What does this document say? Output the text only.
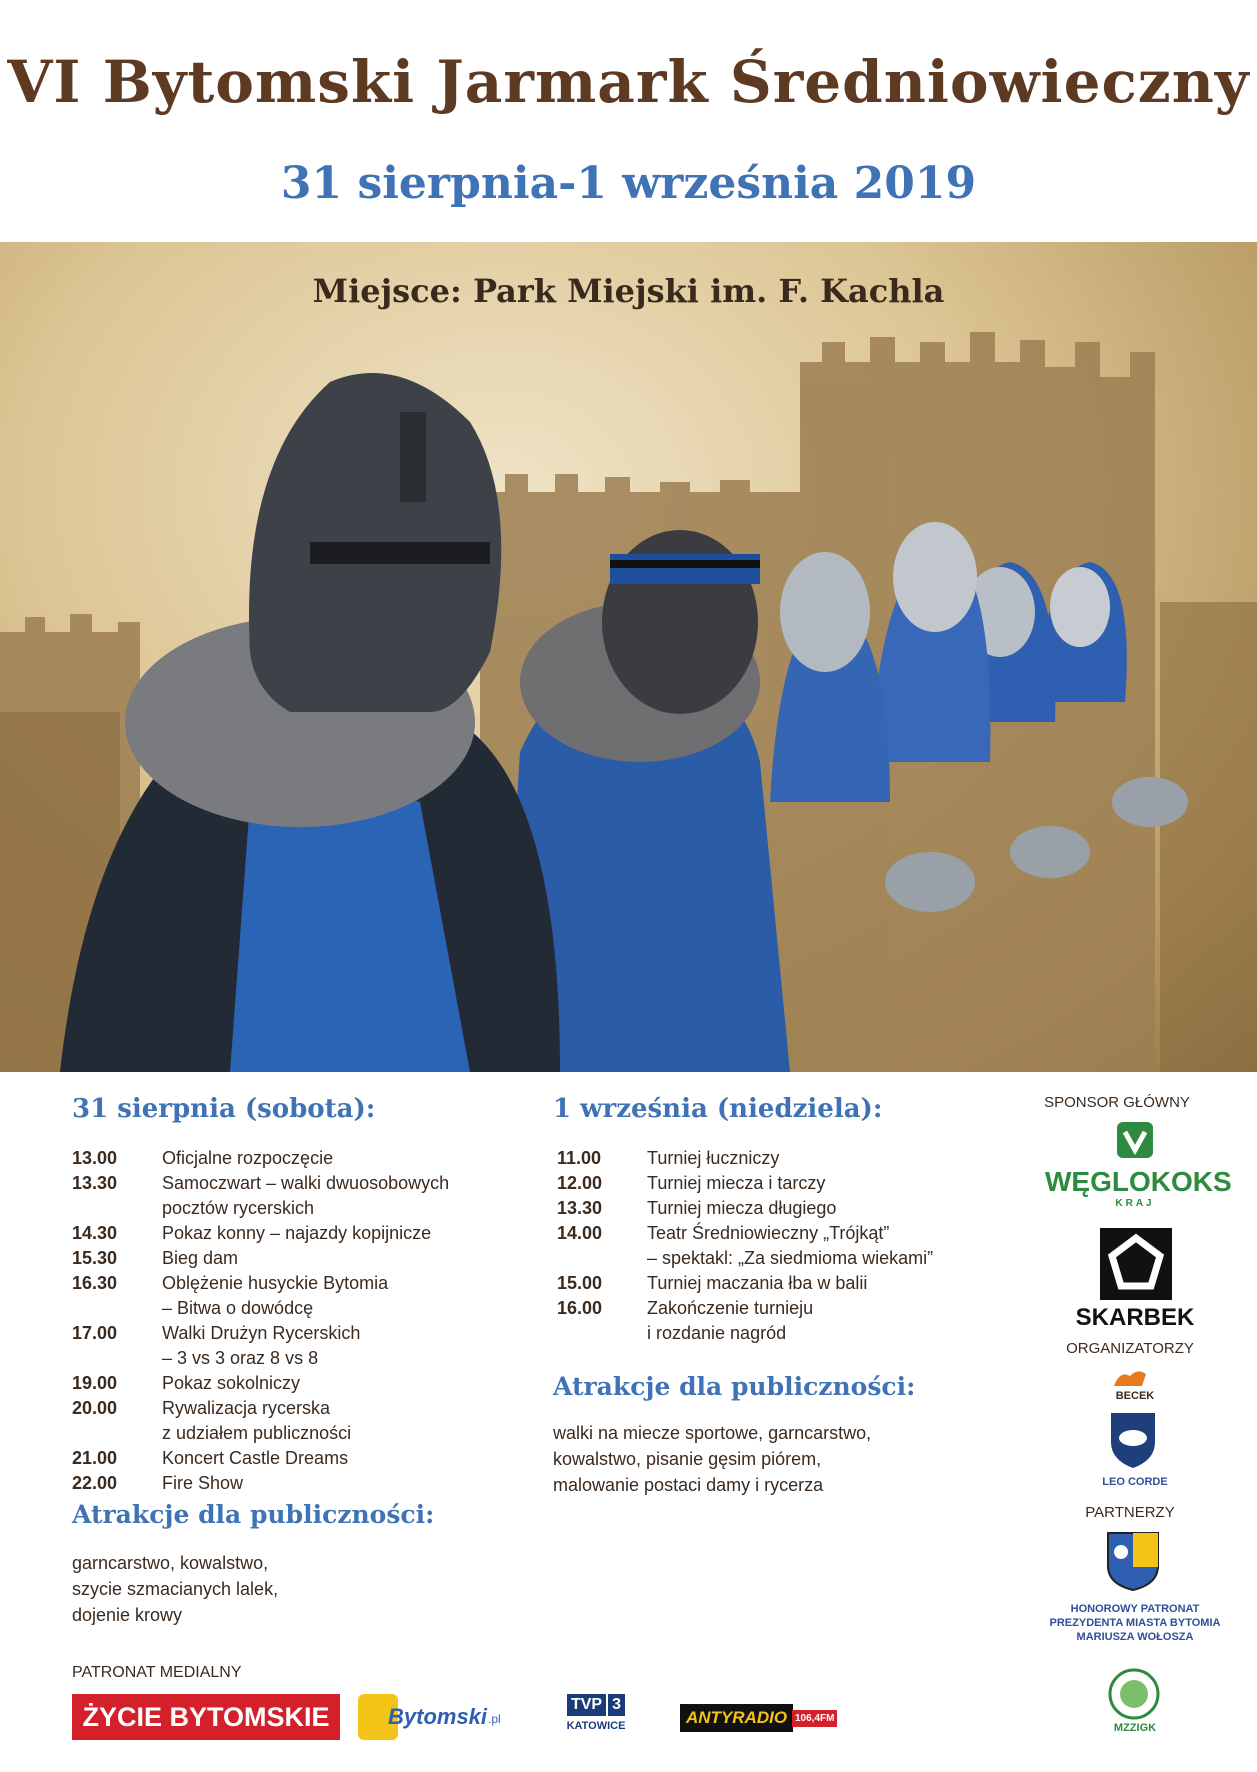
VI Bytomski Jarmark Średniowieczny
31 sierpnia-1 września 2019
Miejsce: Park Miejski im. F. Kachla
31 sierpnia (sobota):
13.00	Oficjalne rozpoczęcie
13.30	Samoczwart – walki dwuosobowych
pocztów rycerskich
14.30	Pokaz konny – najazdy kopijnicze
15.30	Bieg dam
16.30	Oblężenie husyckie Bytomia
– Bitwa o dowódcę
17.00	Walki Drużyn Rycerskich
– 3 vs 3 oraz 8 vs 8
19.00	Pokaz sokolniczy
20.00	Rywalizacja rycerska
z udziałem publiczności
21.00	Koncert Castle Dreams
22.00	Fire Show
Atrakcje dla publiczności:
garncarstwo, kowalstwo,
szycie szmacianych lalek,
dojenie krowy
1 września (niedziela):
11.00	Turniej łuczniczy
12.00	Turniej miecza i tarczy
13.30	Turniej miecza długiego
14.00	Teatr Średniowieczny „Trójkąt”
– spektakl: „Za siedmioma wiekami”
15.00	Turniej maczania łba w balii
16.00	Zakończenie turnieju
i rozdanie nagród
Atrakcje dla publiczności:
walki na miecze sportowe, garncarstwo,
kowalstwo, pisanie gęsim piórem,
malowanie postaci damy i rycerza
SPONSOR GŁÓWNY
WĘGLOKOKS
KRAJ
SKARBEK
ORGANIZATORZY
BECEK
LEO CORDE
PARTNERZY
HONOROWY PATRONAT
PREZYDENTA MIASTA BYTOMIA
MARIUSZA WOŁOSZA
MZZIGK
PATRONAT MEDIALNY
ŻYCIE BYTOMSKIE	Bytomski .pl
TVP 3
KATOWICE	ANTYRADIO 106,4FM
